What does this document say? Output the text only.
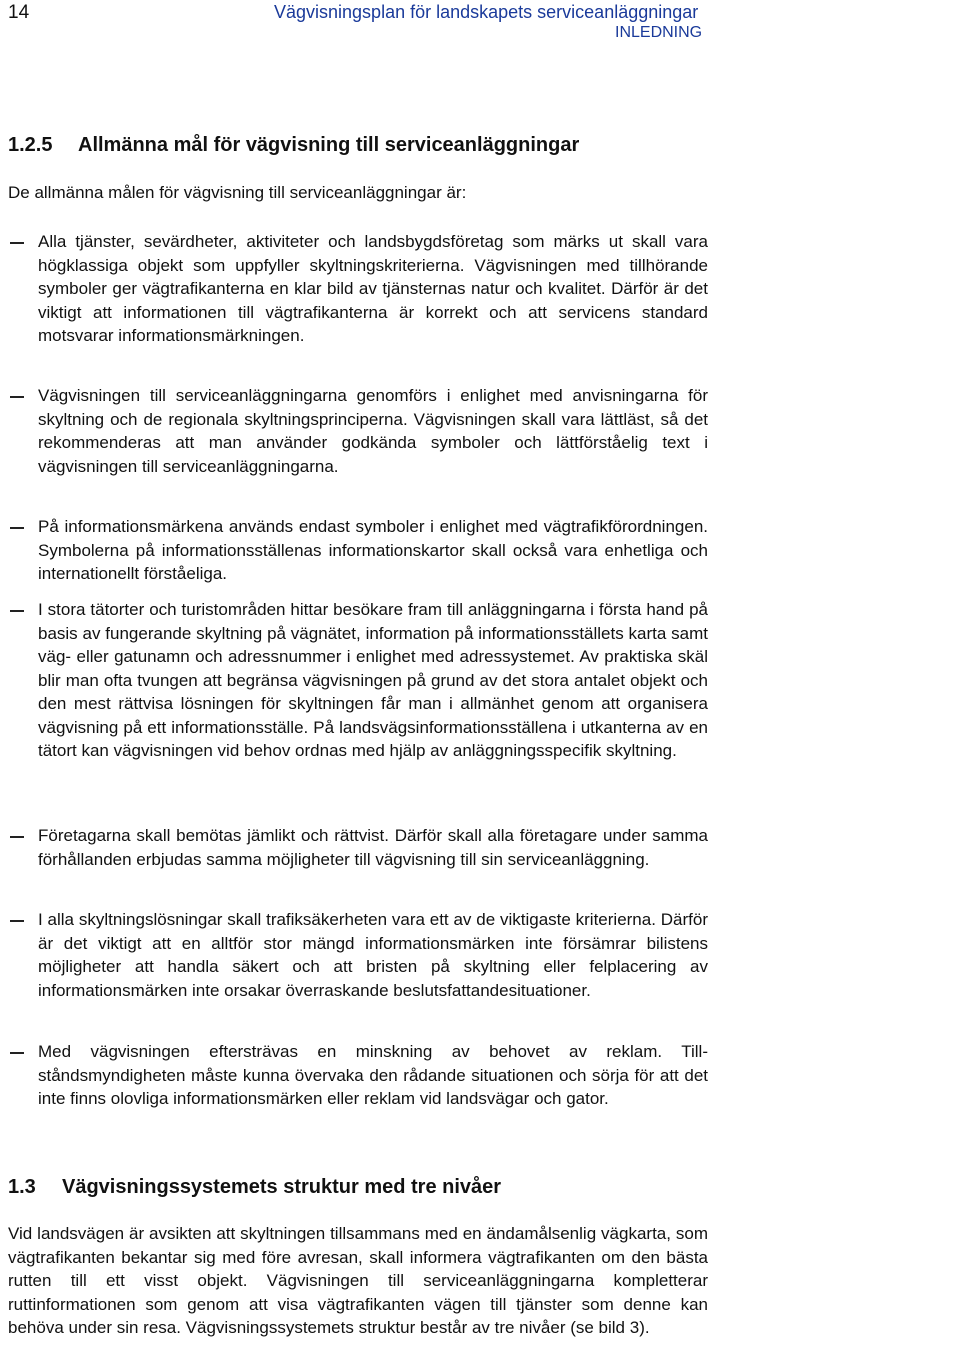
14	Vägvisningsplan för landskapets serviceanläggningar
INLEDNING
1.2.5 Allmänna mål för vägvisning till serviceanläggningar
De allmänna målen för vägvisning till serviceanläggningar är:
Alla tjänster, sevärdheter, aktiviteter och landsbygdsföretag som märks ut skall vara högklassiga objekt som uppfyller skyltningskriterierna. Vägvisningen med tillhörande symboler ger vägtrafikanterna en klar bild av tjänsternas natur och kvalitet. Därför är det viktigt att informationen till vägtrafikanterna är korrekt och att servicens standard motsvarar informationsmärkningen.
Vägvisningen till serviceanläggningarna genomförs i enlighet med anvisningarna för skyltning och de regionala skyltningsprinciperna. Vägvisningen skall vara lättläst, så det rekommenderas att man använder godkända symboler och lättförståelig text i vägvisningen till serviceanläggningarna.
På informationsmärkena används endast symboler i enlighet med vägtrafikförordningen. Symbolerna på informationsställenas informationskartor skall också vara enhetliga och internationellt förståeliga.
I stora tätorter och turistområden hittar besökare fram till anläggningarna i första hand på basis av fungerande skyltning på vägnätet, information på informationsställets karta samt väg- eller gatunamn och adressnummer i enlighet med adressystemet. Av praktiska skäl blir man ofta tvungen att begränsa vägvisningen på grund av det stora antalet objekt och den mest rättvisa lösningen för skyltningen får man i allmänhet genom att organisera vägvisning på ett informationsställe. På landsvägsinformationsställena i utkanterna av en tätort kan vägvisningen vid behov ordnas med hjälp av anläggningsspecifik skyltning.
Företagarna skall bemötas jämlikt och rättvist. Därför skall alla företagare under samma förhållanden erbjudas samma möjligheter till vägvisning till sin serviceanläggning.
I alla skyltningslösningar skall trafiksäkerheten vara ett av de viktigaste kriterierna. Därför är det viktigt att en alltför stor mängd informationsmärken inte försämrar bilistens möjligheter att handla säkert och att bristen på skyltning eller felplacering av informationsmärken inte orsakar överraskande beslutsfattandesituationer.
Med vägvisningen eftersträvas en minskning av behovet av reklam. Tillståndsmyndigheten måste kunna övervaka den rådande situationen och sörja för att det inte finns olovliga informationsmärken eller reklam vid landsvägar och gator.
1.3 Vägvisningssystemets struktur med tre nivåer
Vid landsvägen är avsikten att skyltningen tillsammans med en ändamålsenlig vägkarta, som vägtrafikanten bekantar sig med före avresan, skall informera vägtrafikanten om den bästa rutten till ett visst objekt. Vägvisningen till serviceanläggningarna kompletterar ruttinformationen som genom att visa vägtrafikanten vägen till tjänster som denne kan behöva under sin resa. Vägvisningssystemets struktur består av tre nivåer (se bild 3).
